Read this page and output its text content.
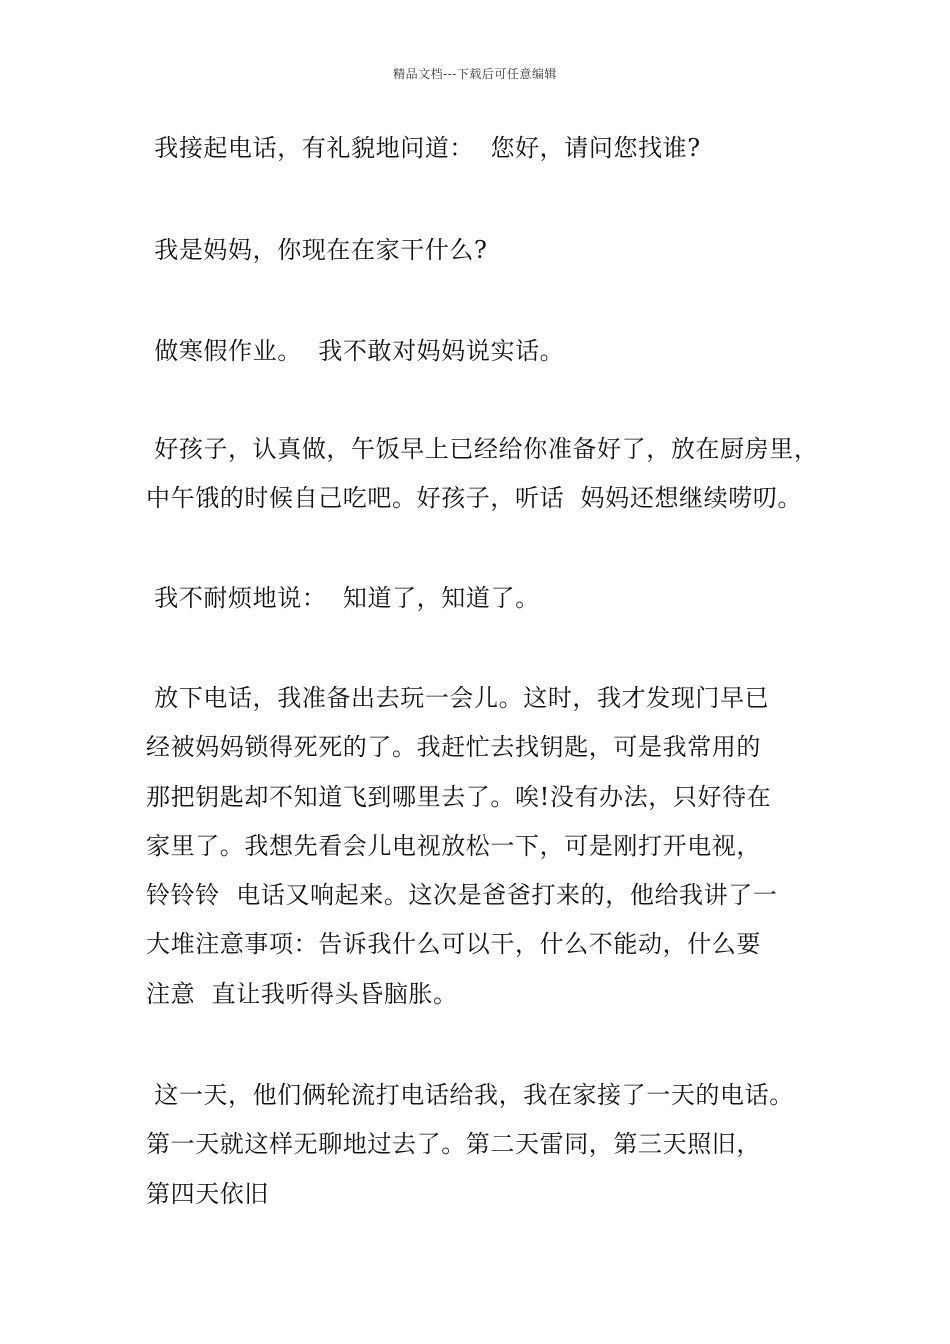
精品文档---下载后可任意编辑
我接起电话，有礼貌地问道：  您好，请问您找谁?
我是妈妈，你现在在家干什么?
做寒假作业。  我不敢对妈妈说实话。
好孩子，认真做，午饭早上已经给你准备好了，放在厨房里，
中午饿的时候自己吃吧。好孩子，听话  妈妈还想继续唠叨。
我不耐烦地说：  知道了，知道了。
放下电话，我准备出去玩一会儿。这时，我才发现门早已
经被妈妈锁得死死的了。我赶忙去找钥匙，可是我常用的
那把钥匙却不知道飞到哪里去了。唉!没有办法，只好待在
家里了。我想先看会儿电视放松一下，可是刚打开电视，
铃铃铃  电话又响起来。这次是爸爸打来的，他给我讲了一
大堆注意事项：告诉我什么可以干，什么不能动，什么要
注意  直让我听得头昏脑胀。
这一天，他们俩轮流打电话给我，我在家接了一天的电话。
第一天就这样无聊地过去了。第二天雷同，第三天照旧，
第四天依旧
